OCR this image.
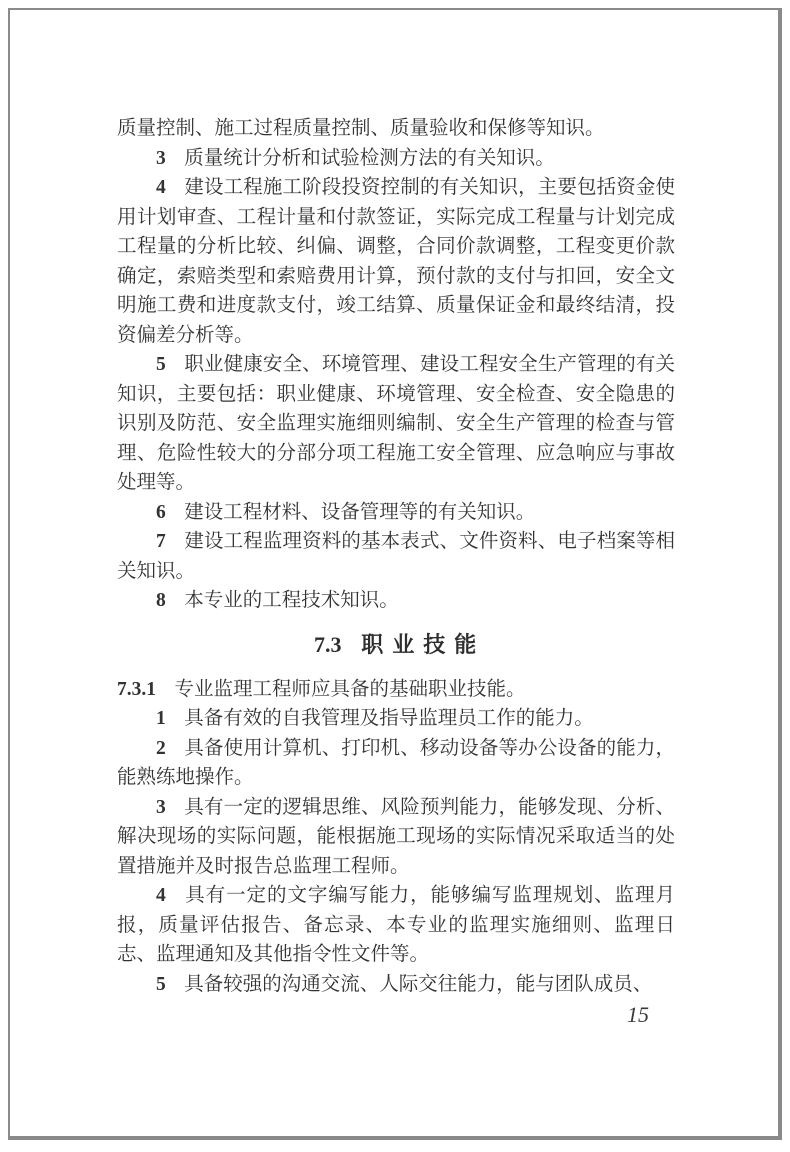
质量控制、施工过程质量控制、质量验收和保修等知识。

3 质量统计分析和试验检测方法的有关知识。

4 建设工程施工阶段投资控制的有关知识，主要包括资金使用计划审查、工程计量和付款签证，实际完成工程量与计划完成工程量的分析比较、纠偏、调整，合同价款调整，工程变更价款确定，索赔类型和索赔费用计算，预付款的支付与扣回，安全文明施工费和进度款支付，竣工结算、质量保证金和最终结清，投资偏差分析等。

5 职业健康安全、环境管理、建设工程安全生产管理的有关知识，主要包括：职业健康、环境管理、安全检查、安全隐患的识别及防范、安全监理实施细则编制、安全生产管理的检查与管理、危险性较大的分部分项工程施工安全管理、应急响应与事故处理等。

6 建设工程材料、设备管理等的有关知识。

7 建设工程监理资料的基本表式、文件资料、电子档案等相关知识。

8 本专业的工程技术知识。

7.3 职 业 技 能

7.3.1 专业监理工程师应具备的基础职业技能。

1 具备有效的自我管理及指导监理员工作的能力。

2 具备使用计算机、打印机、移动设备等办公设备的能力，能熟练地操作。

3 具有一定的逻辑思维、风险预判能力，能够发现、分析、解决现场的实际问题，能根据施工现场的实际情况采取适当的处置措施并及时报告总监理工程师。

4 具有一定的文字编写能力，能够编写监理规划、监理月报，质量评估报告、备忘录、本专业的监理实施细则、监理日志、监理通知及其他指令性文件等。

5 具备较强的沟通交流、人际交往能力，能与团队成员、

15
